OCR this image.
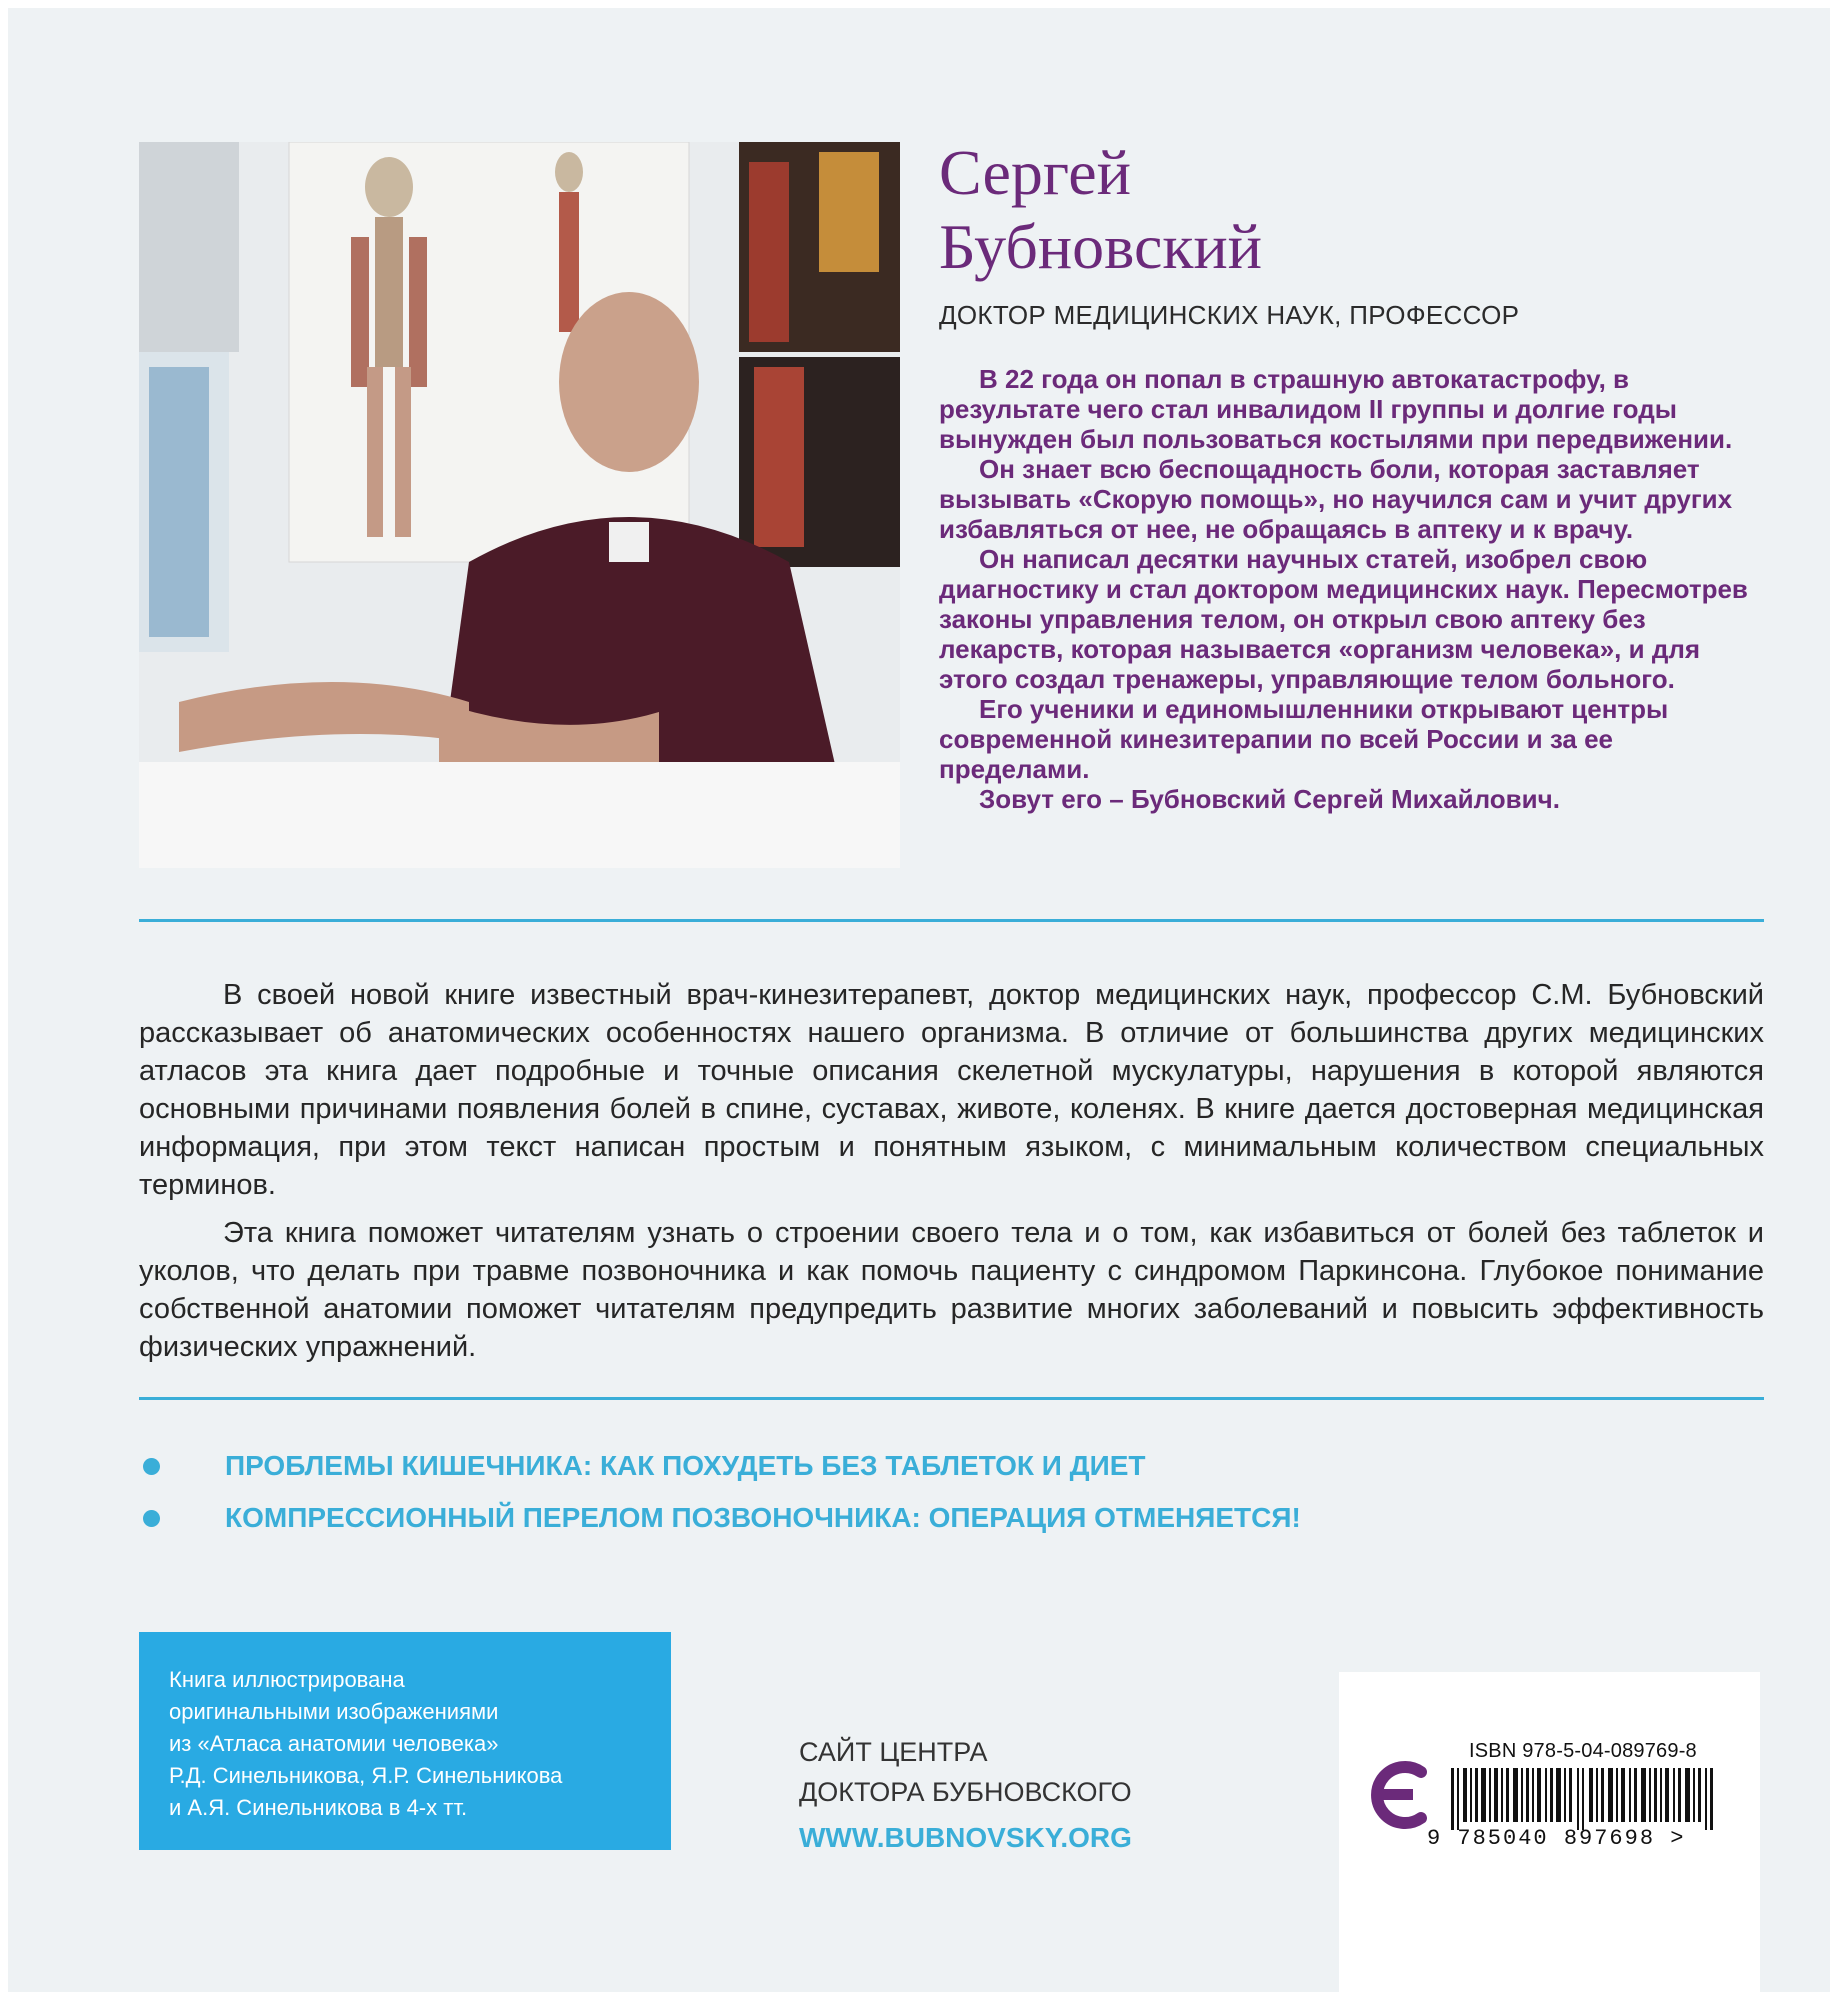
Сергей
Бубновский
ДОКТОР МЕДИЦИНСКИХ НАУК, ПРОФЕССОР

В 22 года он попал в страшную автокатастрофу, в результате чего стал инвалидом II группы и долгие годы вынужден был пользоваться костылями при передвижении.

Он знает всю беспощадность боли, которая заставляет вызывать «Скорую помощь», но научился сам и учит других избавляться от нее, не обращаясь в аптеку и к врачу.

Он написал десятки научных статей, изобрел свою диагностику и стал доктором медицинских наук. Пересмотрев законы управления телом, он открыл свою аптеку без лекарств, которая называется «организм человека», и для этого создал тренажеры, управляющие телом больного.

Его ученики и единомышленники открывают центры современной кинезитерапии по всей России и за ее пределами.

Зовут его – Бубновский Сергей Михайлович.

В своей новой книге известный врач-кинезитерапевт, доктор медицинских наук, профессор С.М. Бубновский рассказывает об анатомических особенностях нашего организма. В отличие от большинства других медицинских атласов эта книга дает подробные и точные описания скелетной мускулатуры, нарушения в которой являются основными причинами появления болей в спине, суставах, животе, коленях. В книге дается достоверная медицинская информация, при этом текст написан простым и понятным языком, с минимальным количеством специальных терминов.

Эта книга поможет читателям узнать о строении своего тела и о том, как избавиться от болей без таблеток и уколов, что делать при травме позвоночника и как помочь пациенту с синдромом Паркинсона. Глубокое понимание собственной анатомии поможет читателям предупредить развитие многих заболеваний и повысить эффективность физических упражнений.

ПРОБЛЕМЫ КИШЕЧНИКА: КАК ПОХУДЕТЬ БЕЗ ТАБЛЕТОК И ДИЕТ
КОМПРЕССИОННЫЙ ПЕРЕЛОМ ПОЗВОНОЧНИКА: ОПЕРАЦИЯ ОТМЕНЯЕТСЯ!
Книга иллюстрирована
оригинальными изображениями
из «Атласа анатомии человека»
Р.Д. Синельникова, Я.Р. Синельникова
и А.Я. Синельникова в 4-х тт.
САЙТ ЦЕНТРА
ДОКТОРА БУБНОВСКОГО
WWW.BUBNOVSKY.ORG
ISBN 978-5-04-089769-8
9 785040 897698 >
